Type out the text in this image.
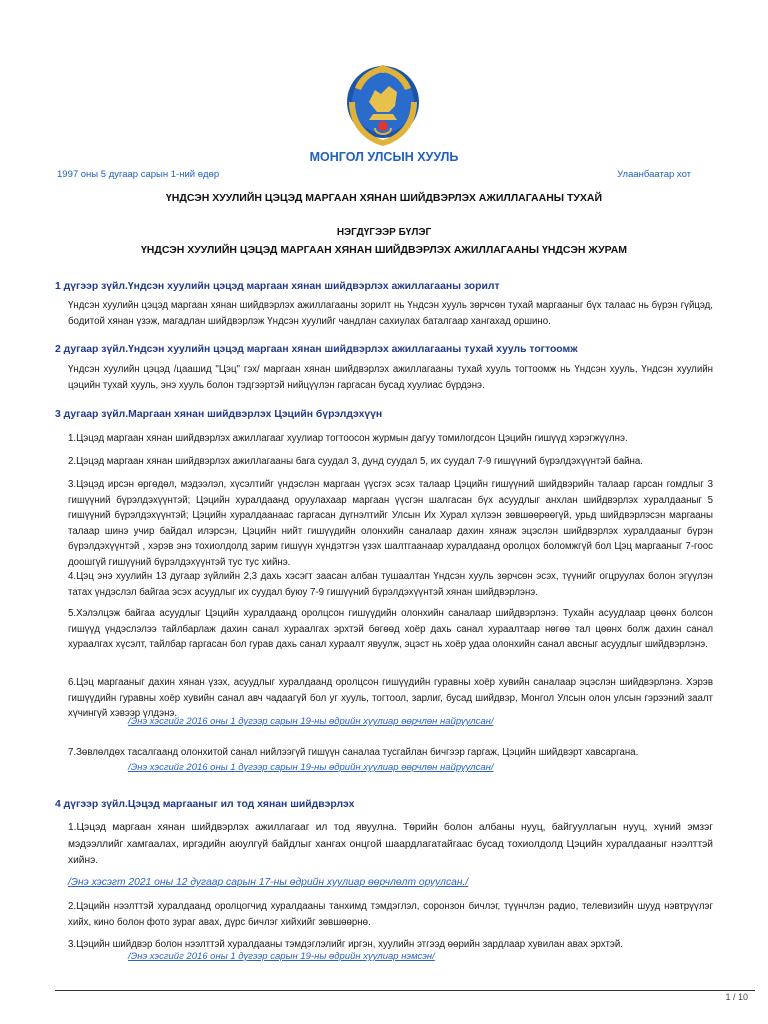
МОНГОЛ УЛСЫН ХУУЛЬ
1997 оны 5 дугаар сарын 1-ний өдөр	Улаанбаатар хот
ҮНДСЭН ХУУЛИЙН ЦЭЦЭД МАРГААН ХЯНАН ШИЙДВЭРЛЭХ АЖИЛЛАГААНЫ ТУХАЙ
НЭГДҮГЭЭР БҮЛЭГ
ҮНДСЭН ХУУЛИЙН ЦЭЦЭД МАРГААН ХЯНАН ШИЙДВЭРЛЭХ АЖИЛЛАГААНЫ ҮНДСЭН ЖУРАМ
1 дүгээр зүйл.Үндсэн хуулийн цэцэд маргаан хянан шийдвэрлэх ажиллагааны зорилт
Үндсэн хуулийн цэцэд маргаан хянан шийдвэрлэх ажиллагааны зорилт нь Үндсэн хууль зөрчсөн тухай маргааныг бүх талаас нь бүрэн гүйцэд, бодитой хянан үзэж, магадлан шийдвэрлэж Үндсэн хуулийг чандлан сахиулах баталгаар хангахад оршино.
2 дугаар зүйл.Үндсэн хуулийн цэцэд маргаан хянан шийдвэрлэх ажиллагааны тухай хууль тогтоомж
Үндсэн хуулийн цэцэд /цаашид "Цэц" гэх/ маргаан хянан шийдвэрлэх ажиллагааны тухай хууль тогтоомж нь Үндсэн хууль, Үндсэн хуулийн цэцийн тухай хууль, энэ хууль болон тэдгээртэй нийцүүлэн гаргасан бусад хуулиас бүрдэнэ.
3 дугаар зүйл.Маргаан хянан шийдвэрлэх Цэцийн бүрэлдэхүүн
1.Цэцэд маргаан хянан шийдвэрлэх ажиллагааг хуулиар тогтоосон журмын дагуу томилогдсон Цэцийн гишүүд хэрэгжүүлнэ.
2.Цэцэд маргаан хянан шийдвэрлэх ажиллагааны бага суудал 3, дунд суудал 5, их суудал 7-9 гишүүний бүрэлдэхүүнтэй байна.
3.Цэцэд ирсэн өргөдөл, мэдээлэл, хүсэлтийг үндэслэн маргаан үүсгэх эсэх талаар Цэцийн гишүүний шийдвэрийн талаар гарсан гомдлыг 3 гишүүний бүрэлдэхүүнтэй; Цэцийн хуралдаанд оруулахаар маргаан үүсгэн шалгасан бүх асуудлыг анхлан шийдвэрлэх хуралдааныг 5 гишүүний бүрэлдэхүүнтэй; Цэцийн хуралдаанаас гаргасан дүгнэлтийг Улсын Их Хурал хүлээн зөвшөөрөөгүй, урьд шийдвэрлэсэн маргааны талаар шинэ учир байдал илэрсэн, Цэцийн нийт гишүүдийн олонхийн саналаар дахин хянаж эцэслэн шийдвэрлэх хуралдааныг бүрэн бүрэлдэхүүнтэй , хэрэв энэ тохиолдолд зарим гишүүн хүндэтгэн үзэх шалтгаанаар хуралдаанд оролцох боломжгүй бол Цэц маргааныг 7-гоос доошгүй гишүүний бүрэлдэхүүнтэй тус тус хийнэ.
4.Цэц энэ хуулийн 13 дугаар зүйлийн 2,3 дахь хэсэгт заасан албан тушаалтан Үндсэн хууль зөрчсөн эсэх, түүнийг огцруулах болон эгүүлэн татах үндэслэл байгаа эсэх асуудлыг их суудал буюу 7-9 гишүүний бүрэлдэхүүнтэй хянан шийдвэрлэнэ.
5.Хэлэлцэж байгаа асуудлыг Цэцийн хуралдаанд оролцсон гишүүдийн олонхийн саналаар шийдвэрлэнэ. Тухайн асуудлаар цөөнх болсон гишүүд үндэслэлээ тайлбарлаж дахин санал хураалгах эрхтэй бөгөөд хоёр дахь санал хураалтаар нөгөө тал цөөнх болж дахин санал хураалгах хүсэлт, тайлбар гаргасан бол гурав дахь санал хураалт явуулж, эцэст нь хоёр удаа олонхийн санал авсныг асуудлыг шийдвэрлэнэ.
6.Цэц маргааныг дахин хянан үзэх, асуудлыг хуралдаанд оролцсон гишүүдийн гуравны хоёр хувийн саналаар эцэслэн шийдвэрлэнэ. Хэрэв гишүүдийн гуравны хоёр хувийн санал авч чадаагүй бол уг хууль, тогтоол, зарлиг, бусад шийдвэр, Монгол Улсын олон улсын гэрээний заалт хүчингүй хэвээр үлдэнэ.
/Энэ хэсгийг 2016 оны 1 дүгээр сарын 19-ны өдрийн хуулиар өөрчлөн найруулсан/
7.Зөвлөлдөх тасалгаанд олонхитой санал нийлээгүй гишүүн саналаа тусгайлан бичгээр гаргаж, Цэцийн шийдвэрт хавсаргана.
/Энэ хэсгийг 2016 оны 1 дүгээр сарын 19-ны өдрийн хуулиар өөрчлөн найруулсан/
4 дүгээр зүйл.Цэцэд маргааныг ил тод хянан шийдвэрлэх
1.Цэцэд маргаан хянан шийдвэрлэх ажиллагааг ил тод явуулна. Төрийн болон албаны нууц, байгууллагын нууц, хүний эмзэг мэдээллийг хамгаалах, иргэдийн аюулгүй байдлыг хангах онцгой шаардлагатайгаас бусад тохиолдолд Цэцийн хуралдааныг нээлттэй хийнэ.
/Энэ хэсэгт 2021 оны 12 дугаар сарын 17-ны өдрийн хуулиар өөрчлөлт оруулсан./
2.Цэцийн нээлттэй хуралдаанд оролцогчид хуралдааны танхимд тэмдэглэл, соронзон бичлэг, түүнчлэн радио, телевизийн шууд нэвтрүүлэг хийх, кино болон фото зураг авах, дүрс бичлэг хийхийг зөвшөөрнө.
3.Цэцийн шийдвэр болон нээлттэй хуралдааны тэмдэглэлийг иргэн, хуулийн этгээд өөрийн зардлаар хувилан авах эрхтэй.
/Энэ хэсгийг 2016 оны 1 дүгээр сарын 19-ны өдрийн хуулиар нэмсэн/
1 / 10
